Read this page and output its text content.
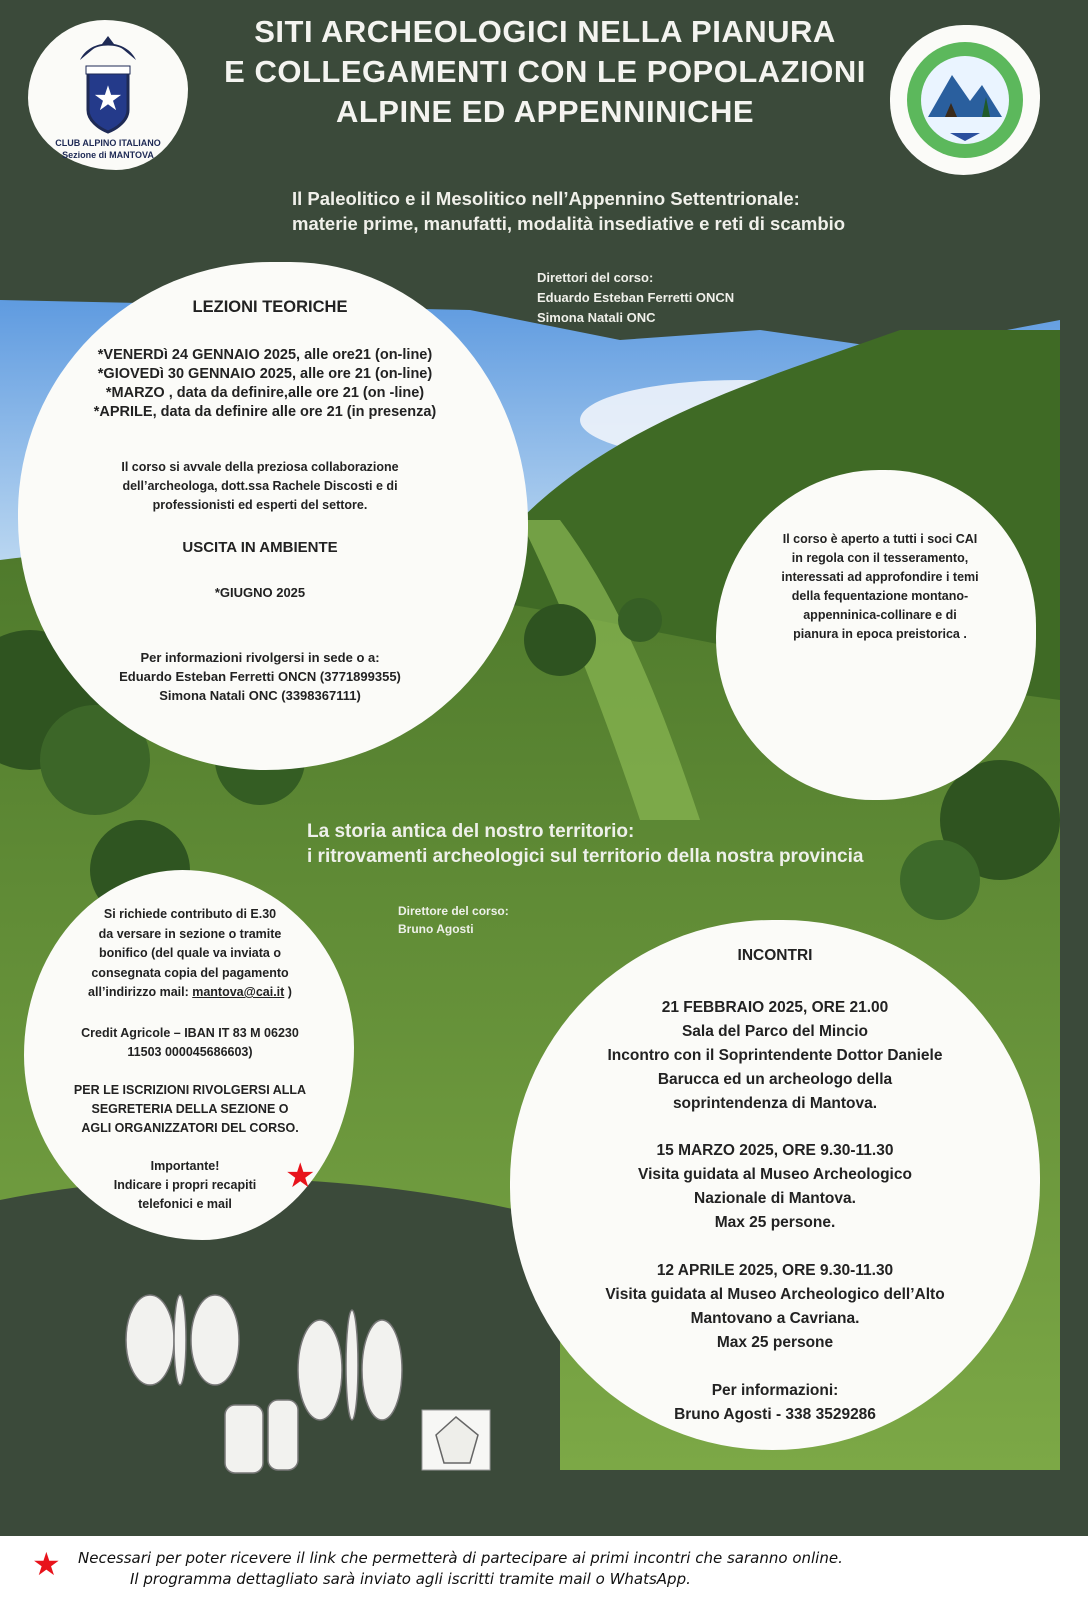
SITI ARCHEOLOGICI NELLA PIANURA
E COLLEGAMENTI CON LE POPOLAZIONI
ALPINE ED APPENNINICHE
★
CLUB ALPINO ITALIANO
Sezione di MANTOVA
Il Paleolitico e il Mesolitico nell’Appennino Settentrionale:
materie prime, manufatti, modalità insediative e reti di scambio
Direttori del corso:
Eduardo Esteban Ferretti ONCN
Simona Natali ONC
LEZIONI TEORICHE
*VENERDì 24 GENNAIO 2025, alle ore21 (on-line)
*GIOVEDì 30 GENNAIO 2025, alle ore 21 (on-line)
*MARZO , data da definire,alle ore 21 (on -line)
*APRILE, data da definire alle ore 21 (in presenza)
Il corso si avvale della preziosa collaborazione
dell’archeologa, dott.ssa Rachele Discosti e di
professionisti ed esperti del settore.
USCITA IN AMBIENTE
*GIUGNO 2025
Per informazioni rivolgersi in sede o a:
Eduardo Esteban Ferretti ONCN (3771899355)
Simona Natali ONC (3398367111)
Il corso è aperto a tutti i soci CAI
in regola con il tesseramento,
interessati ad approfondire i temi
della fequentazione montano-
appenninica-collinare e di
pianura in epoca preistorica .
La storia antica del nostro territorio:
i ritrovamenti archeologici sul territorio della nostra provincia
Direttore del corso:
Bruno Agosti
Si richiede contributo di E.30
da versare in sezione o tramite
bonifico (del quale va inviata o
consegnata copia del pagamento
all’indirizzo mail: mantova@cai.it )
Credit Agricole – IBAN IT 83 M 06230
11503 000045686603)
PER LE ISCRIZIONI RIVOLGERSI ALLA
SEGRETERIA DELLA SEZIONE O
AGLI ORGANIZZATORI DEL CORSO.
Importante!
Indicare i propri recapiti
telefonici e mail
★
INCONTRI
21 FEBBRAIO 2025, ORE 21.00
Sala del Parco del Mincio
Incontro con il Soprintendente Dottor Daniele
Barucca ed un archeologo della
soprintendenza di Mantova.
15 MARZO 2025, ORE 9.30-11.30
Visita guidata al Museo Archeologico
Nazionale di Mantova.
Max 25 persone.
12 APRILE 2025, ORE 9.30-11.30
Visita guidata al Museo Archeologico dell’Alto
Mantovano a Cavriana.
Max 25 persone
Per informazioni:
Bruno Agosti - 338 3529286
★ Necessari per poter ricevere il link che permetterà di partecipare ai primi incontri che saranno online.
Il programma dettagliato sarà inviato agli iscritti tramite mail o WhatsApp.
